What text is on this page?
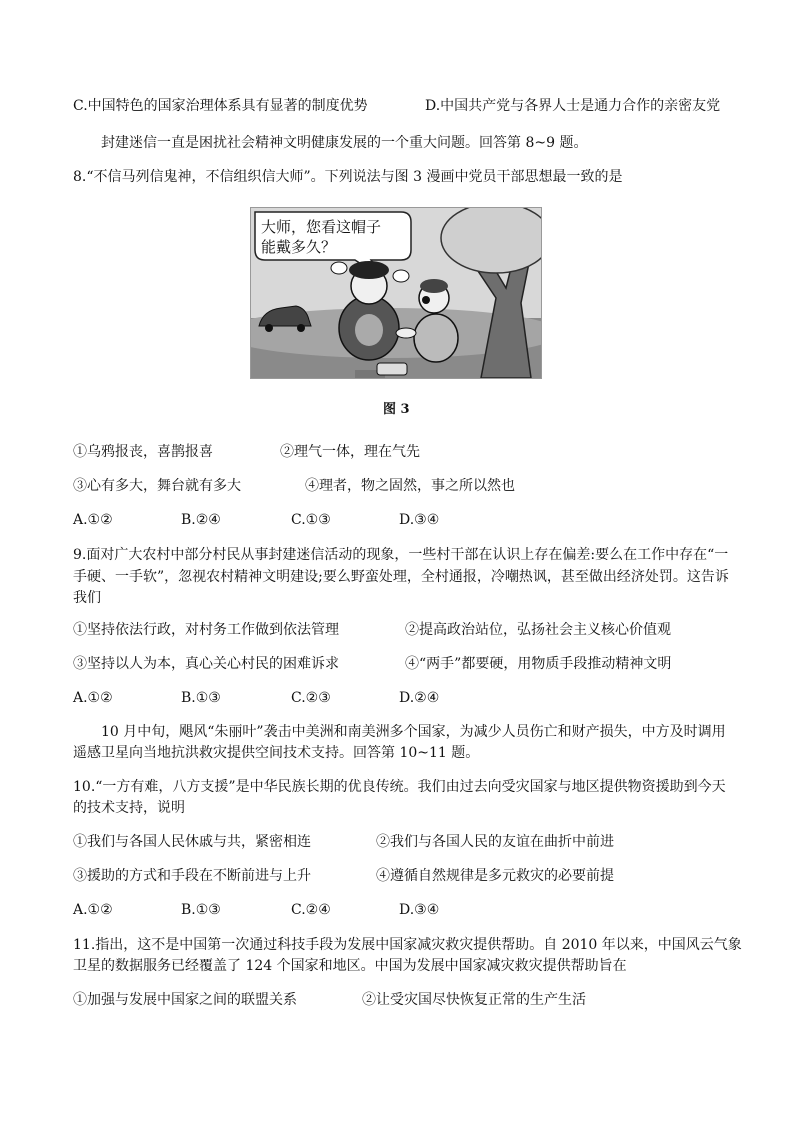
C.中国特色的国家治理体系具有显著的制度优势	D.中国共产党与各界人士是通力合作的亲密友党
封建迷信一直是困扰社会精神文明健康发展的一个重大问题。回答第 8~9 题。
8.“不信马列信鬼神，不信组织信大师”。下列说法与图 3 漫画中党员干部思想最一致的是
大师，您看这帽子
能戴多久？
图 3
①乌鸦报丧，喜鹊报喜	②理气一体，理在气先
③心有多大，舞台就有多大	④理者，物之固然，事之所以然也
A.①②	B.②④	C.①③	D.③④
9.面对广大农村中部分村民从事封建迷信活动的现象，一些村干部在认识上存在偏差:要么在工作中存在“一
手硬、一手软”，忽视农村精神文明建设;要么野蛮处理，全村通报，冷嘲热讽，甚至做出经济处罚。这告诉
我们
①坚持依法行政，对村务工作做到依法管理	②提高政治站位，弘扬社会主义核心价值观
③坚持以人为本，真心关心村民的困难诉求	④“两手”都要硬，用物质手段推动精神文明
A.①②	B.①③	C.②③	D.②④
10 月中旬，飓风“朱丽叶”袭击中美洲和南美洲多个国家，为减少人员伤亡和财产损失，中方及时调用
遥感卫星向当地抗洪救灾提供空间技术支持。回答第 10~11 题。
10.“一方有难，八方支援”是中华民族长期的优良传统。我们由过去向受灾国家与地区提供物资援助到今天
的技术支持，说明
①我们与各国人民休戚与共，紧密相连	②我们与各国人民的友谊在曲折中前进
③援助的方式和手段在不断前进与上升	④遵循自然规律是多元救灾的必要前提
A.①②	B.①③	C.②④	D.③④
11.指出，这不是中国第一次通过科技手段为发展中国家减灾救灾提供帮助。自 2010 年以来，中国风云气象
卫星的数据服务已经覆盖了 124 个国家和地区。中国为发展中国家减灾救灾提供帮助旨在
①加强与发展中国家之间的联盟关系	②让受灾国尽快恢复正常的生产生活
